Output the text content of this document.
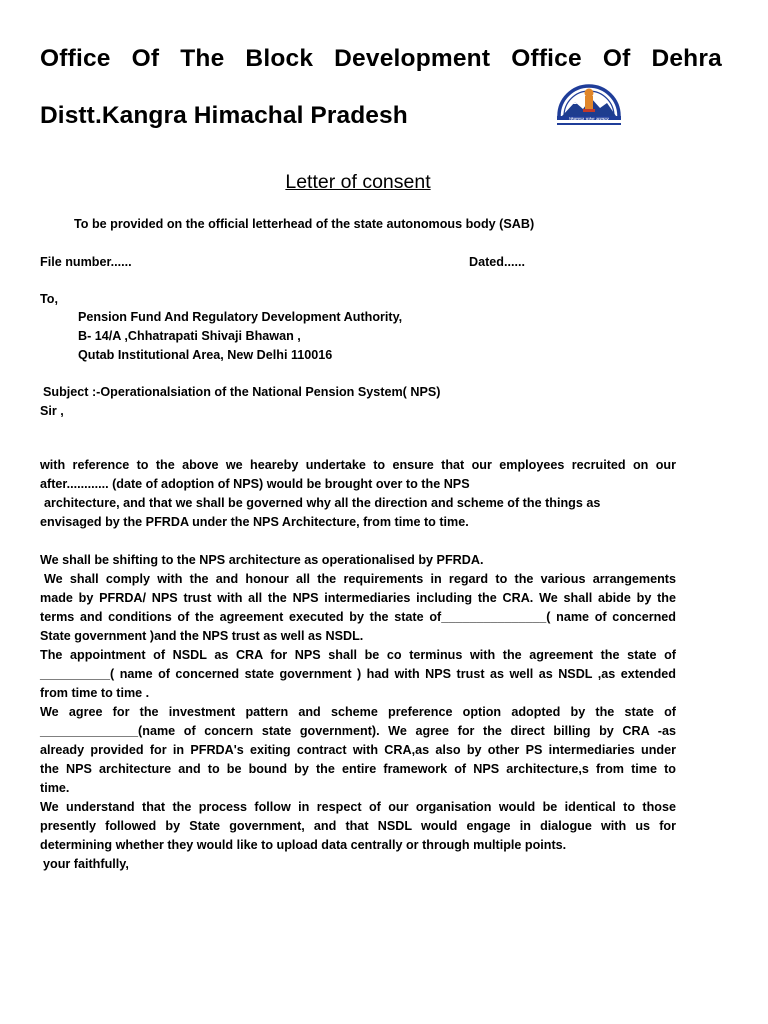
Office Of The Block Development Office Of Dehra
Distt.Kangra Himachal Pradesh	हिमाचल प्रदेश सरकार
Letter of consent
To be provided on the official letterhead of the state autonomous body (SAB)
File number......	Dated......
To,
Pension Fund And Regulatory Development Authority,
B- 14/A ,Chhatrapati Shivaji Bhawan ,
Qutab Institutional Area, New Delhi 110016
Subject :-Operationalsiation of the National Pension System( NPS)
Sir ,
with reference to the above we heareby undertake to ensure that our employees recruited on our
after............ (date of adoption of NPS) would be brought over to the NPS
architecture, and that we shall be governed why all the direction and scheme of the things as
envisaged by the PFRDA under the NPS Architecture, from time to time.
We shall be shifting to the NPS architecture as operationalised by PFRDA.
We shall comply with the and honour all the requirements in regard to the various arrangements
made by PFRDA/ NPS trust with all the NPS intermediaries including the CRA. We shall abide by the
terms and conditions of the agreement executed by the state of_______________( name of concerned
State government )and the NPS trust as well as NSDL.
The appointment of NSDL as CRA for NPS shall be co terminus with the agreement the state of
__________( name of concerned state government ) had with NPS trust as well as NSDL ,as extended
from time to time .
We agree for the investment pattern and scheme preference option adopted by the state of
______________(name of concern state government). We agree for the direct billing by CRA -as
already provided for in PFRDA's exiting contract with CRA,as also by other PS intermediaries under
the NPS architecture and to be bound by the entire framework of NPS architecture,s from time to
time.
We understand that the process follow in respect of our organisation would be identical to those
presently followed by State government, and that NSDL would engage in dialogue with us for
determining whether they would like to upload data centrally or through multiple points.
your faithfully,
